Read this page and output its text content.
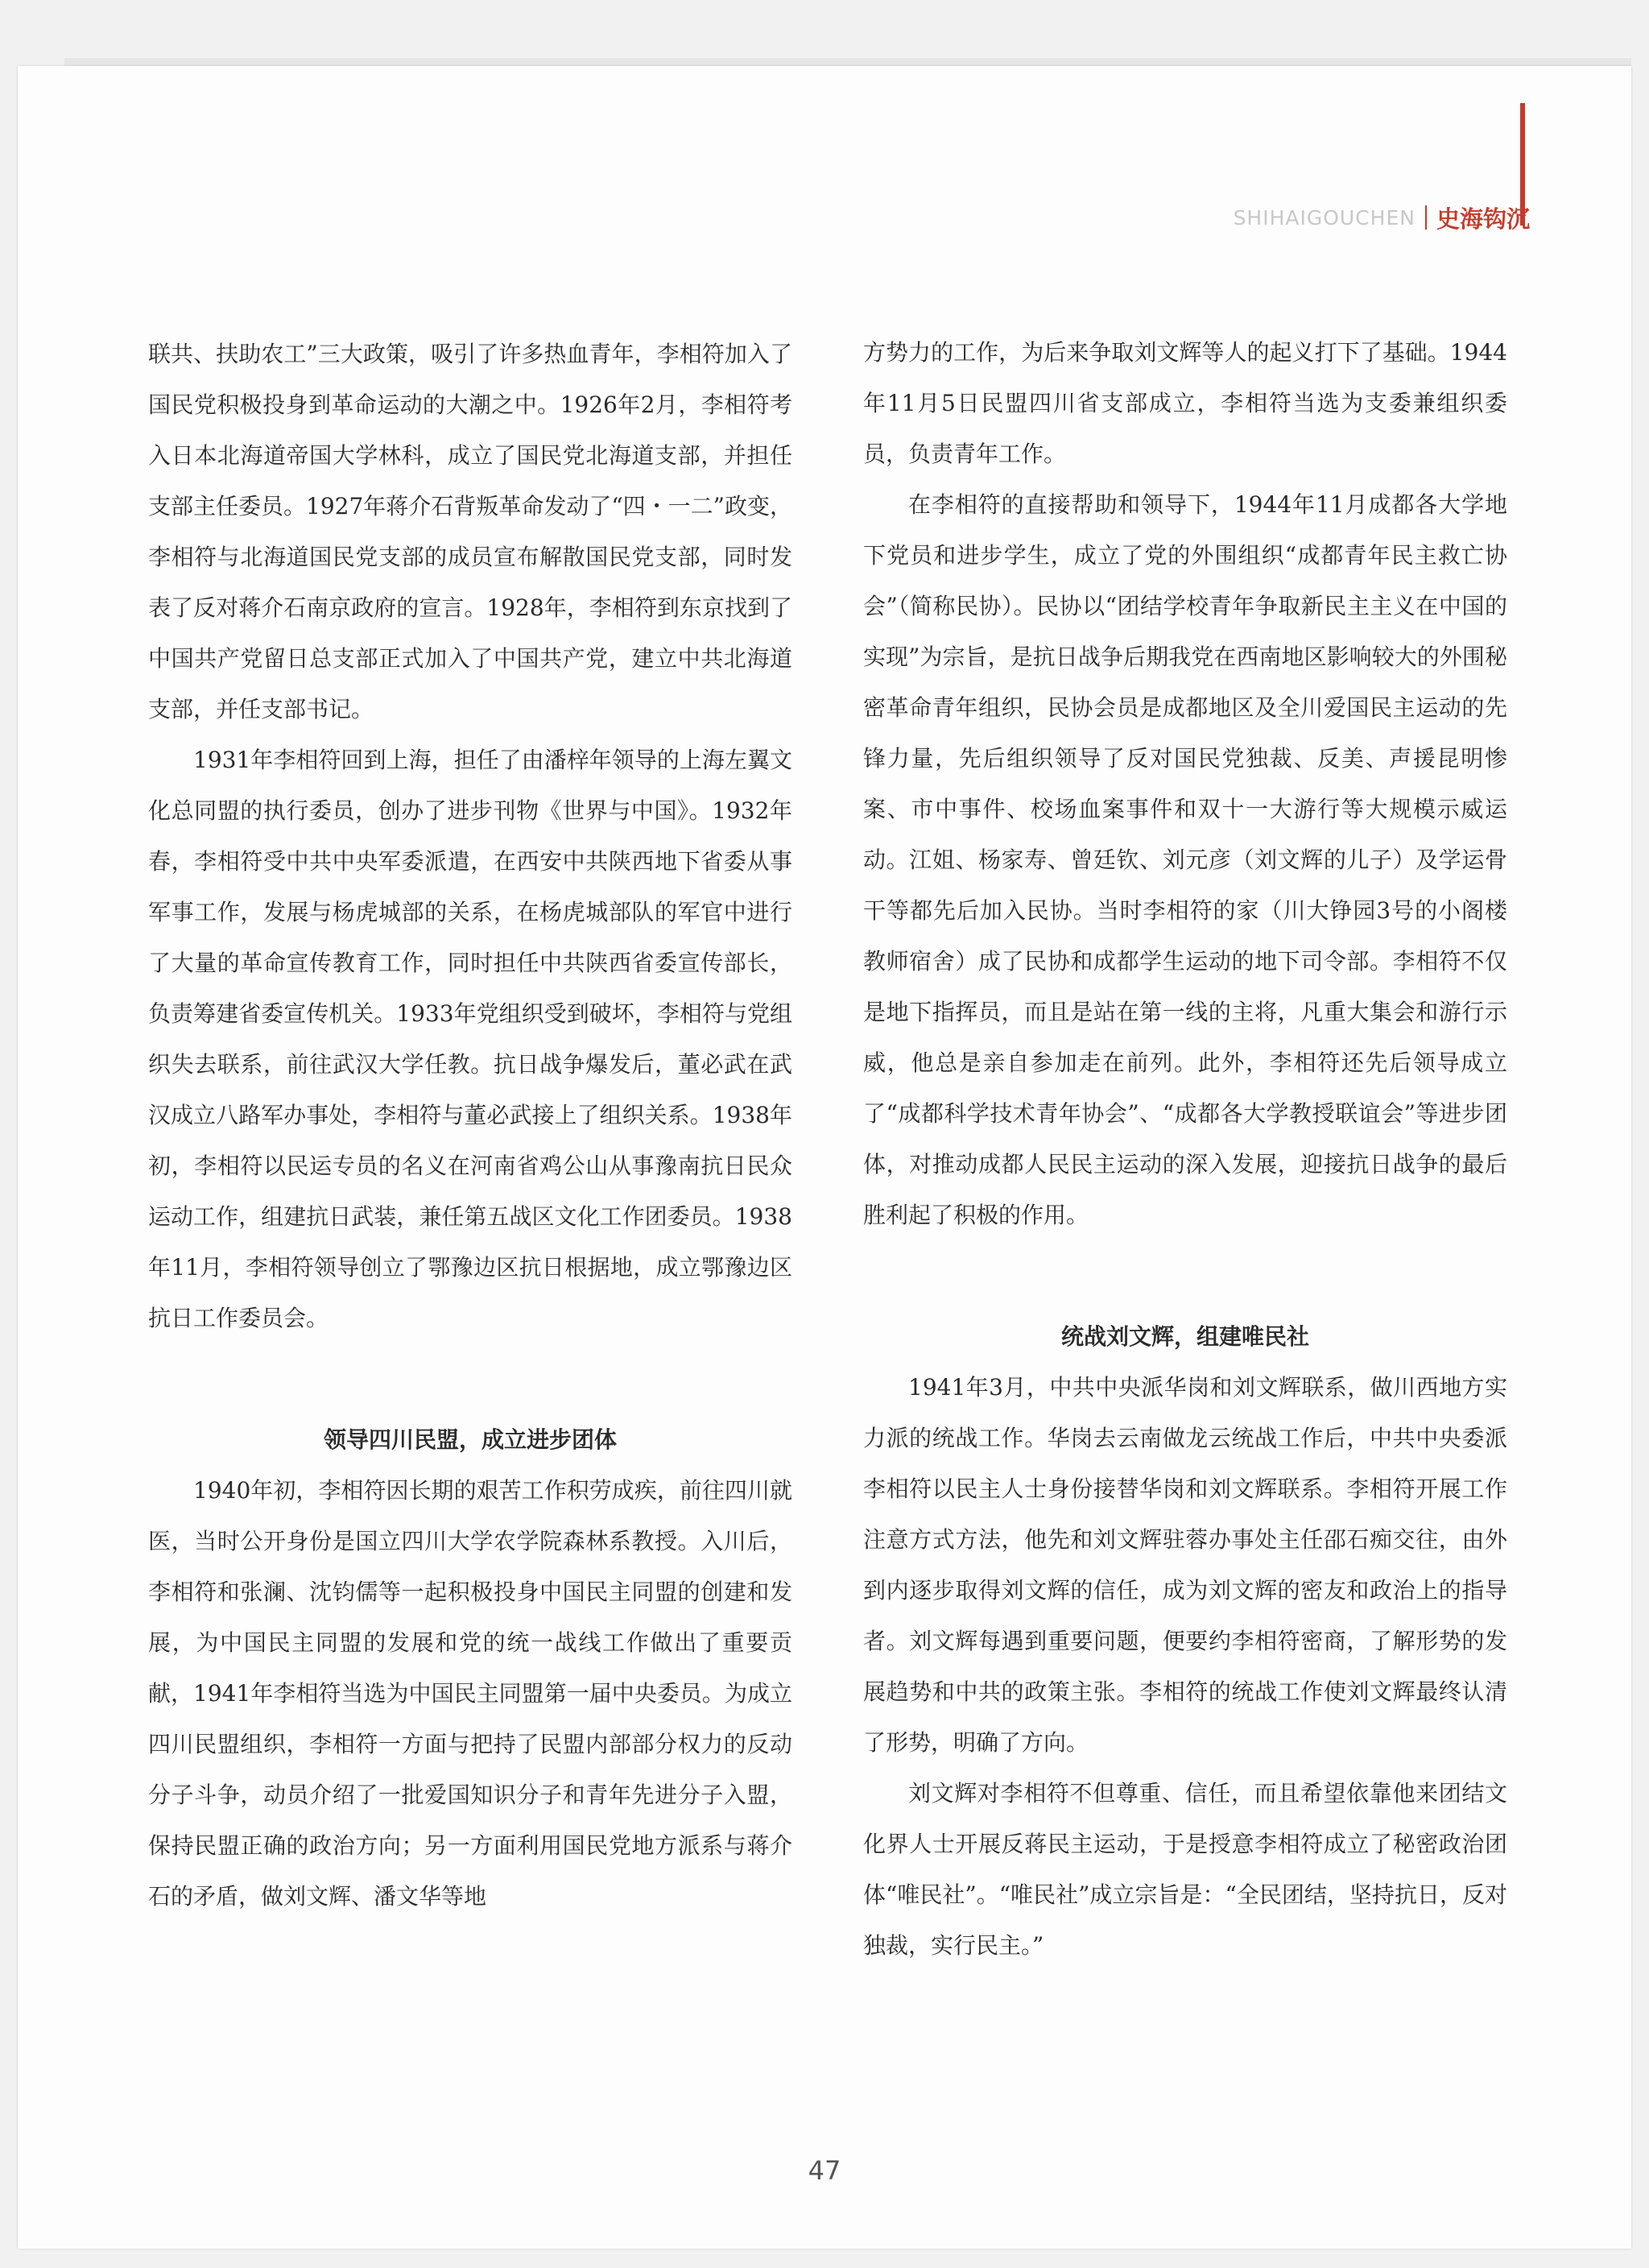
SHIHAIGOUCHEN 史海钩沉

联共、扶助农工”三大政策，吸引了许多热血青年，李相符加入了国民党积极投身到革命运动的大潮之中。1926年2月，李相符考入日本北海道帝国大学林科，成立了国民党北海道支部，并担任支部主任委员。1927年蒋介石背叛革命发动了“四・一二”政变，李相符与北海道国民党支部的成员宣布解散国民党支部，同时发表了反对蒋介石南京政府的宣言。1928年，李相符到东京找到了中国共产党留日总支部正式加入了中国共产党，建立中共北海道支部，并任支部书记。

1931年李相符回到上海，担任了由潘梓年领导的上海左翼文化总同盟的执行委员，创办了进步刊物《世界与中国》。1932年春，李相符受中共中央军委派遣，在西安中共陕西地下省委从事军事工作，发展与杨虎城部的关系，在杨虎城部队的军官中进行了大量的革命宣传教育工作，同时担任中共陕西省委宣传部长，负责筹建省委宣传机关。1933年党组织受到破坏，李相符与党组织失去联系，前往武汉大学任教。抗日战争爆发后，董必武在武汉成立八路军办事处，李相符与董必武接上了组织关系。1938年初，李相符以民运专员的名义在河南省鸡公山从事豫南抗日民众运动工作，组建抗日武装，兼任第五战区文化工作团委员。1938年11月，李相符领导创立了鄂豫边区抗日根据地，成立鄂豫边区抗日工作委员会。

领导四川民盟，成立进步团体

1940年初，李相符因长期的艰苦工作积劳成疾，前往四川就医，当时公开身份是国立四川大学农学院森林系教授。入川后，李相符和张澜、沈钧儒等一起积极投身中国民主同盟的创建和发展，为中国民主同盟的发展和党的统一战线工作做出了重要贡献，1941年李相符当选为中国民主同盟第一届中央委员。为成立四川民盟组织，李相符一方面与把持了民盟内部部分权力的反动分子斗争，动员介绍了一批爱国知识分子和青年先进分子入盟，保持民盟正确的政治方向；另一方面利用国民党地方派系与蒋介石的矛盾，做刘文辉、潘文华等地

方势力的工作，为后来争取刘文辉等人的起义打下了基础。1944年11月5日民盟四川省支部成立，李相符当选为支委兼组织委员，负责青年工作。

在李相符的直接帮助和领导下，1944年11月成都各大学地下党员和进步学生，成立了党的外围组织“成都青年民主救亡协会”（简称民协）。民协以“团结学校青年争取新民主主义在中国的实现”为宗旨，是抗日战争后期我党在西南地区影响较大的外围秘密革命青年组织，民协会员是成都地区及全川爱国民主运动的先锋力量，先后组织领导了反对国民党独裁、反美、声援昆明惨案、市中事件、校场血案事件和双十一大游行等大规模示威运动。江姐、杨家寿、曾廷钦、刘元彦（刘文辉的儿子）及学运骨干等都先后加入民协。当时李相符的家（川大铮园3号的小阁楼教师宿舍）成了民协和成都学生运动的地下司令部。李相符不仅是地下指挥员，而且是站在第一线的主将，凡重大集会和游行示威，他总是亲自参加走在前列。此外，李相符还先后领导成立了“成都科学技术青年协会”、“成都各大学教授联谊会”等进步团体，对推动成都人民民主运动的深入发展，迎接抗日战争的最后胜利起了积极的作用。

统战刘文辉，组建唯民社

1941年3月，中共中央派华岗和刘文辉联系，做川西地方实力派的统战工作。华岗去云南做龙云统战工作后，中共中央委派李相符以民主人士身份接替华岗和刘文辉联系。李相符开展工作注意方式方法，他先和刘文辉驻蓉办事处主任邵石痴交往，由外到内逐步取得刘文辉的信任，成为刘文辉的密友和政治上的指导者。刘文辉每遇到重要问题，便要约李相符密商，了解形势的发展趋势和中共的政策主张。李相符的统战工作使刘文辉最终认清了形势，明确了方向。

刘文辉对李相符不但尊重、信任，而且希望依靠他来团结文化界人士开展反蒋民主运动，于是授意李相符成立了秘密政治团体“唯民社”。“唯民社”成立宗旨是：“全民团结，坚持抗日，反对独裁，实行民主。”

47
